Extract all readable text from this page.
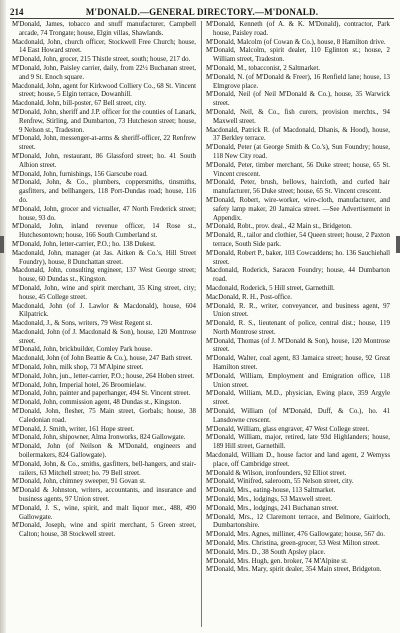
214	M'DONALD.—GENERAL DIRECTORY.—M'DONALD.
M'Donald, James, tobacco and snuff manufacturer, Campbell arcade, 74 Trongate; house, Elgin villas, Shawlands.
Macdonald, John, church officer, Stockwell Free Church; house, 14 East Howard street.
M'Donald, John, grocer, 215 Thistle street, south; house, 217 do.
M'Donald, John, Paisley carrier, daily, from 22½ Buchanan street, and 9 St. Enoch square.
Macdonald, John, agent for Kirkwood Colliery Co., 68 St. Vincent street; house, 5 Elgin terrace, Dowanhill.
Macdonald, John, bill-poster, 67 Bell street, city.
M'Donald, John, sheriff and J.P. officer for the counties of Lanark, Renfrew, Stirling, and Dumbarton, 73 Hutcheson street; house, 9 Nelson st., Tradeston.
M'Donald, John, messenger-at-arms & sheriff-officer, 22 Renfrew street.
M'Donald, John, restaurant, 86 Glassford street; ho. 41 South Albion street.
M'Donald, John, furnishings, 156 Garscube road.
M'Donald, John, & Co., plumbers, coppersmiths, tinsmiths, gasfitters, and bellhangers, 118 Port-Dundas road; house, 116 do.
M'Donald, John, grocer and victualler, 47 North Frederick street; house, 93 do.
M'Donald, John, inland revenue officer, 14 Rose st., Hutchesontown; house, 166 South Cumberland st.
M'Donald, John, letter-carrier, P.O.; ho. 138 Dukest.
Macdonald, John, manager (at Jas. Aitken & Co.'s, Hill Street Foundry), house, 8 Dunchattan street.
Macdonald, John, consulting engineer, 137 West George street; house, 60 Dundas st., Kingston.
M'Donald, John, wine and spirit merchant, 35 King street, city; house, 45 College street.
Macdonald, John (of J. Lawlor & Macdonald), house, 604 Kilpatrick.
Macdonald, J., & Sons, writers, 79 West Regent st.
Macdonald, John (of J. Macdonald & Son), house, 120 Montrose street.
M'Donald, John, brickbuilder, Comley Park house.
Macdonald, John (of John Beattie & Co.), house, 247 Bath street.
M'Donald, John, milk shop, 73 M'Alpine street.
M'Donald, John, jun., letter-carrier, P.O.; house, 264 Hoben street.
M'Donald, John, Imperial hotel, 26 Broomielaw.
M'Donald, John, painter and paperhanger, 494 St. Vincent street.
M'Donald, John, commission agent, 48 Dundas st., Kingston.
M'Donald, John, flesher, 75 Main street, Gorbals; house, 38 Caledonian road.
M'Donald, J. Smith, writer, 161 Hope street.
M'Donald, John, shipowner, Alma Ironworks, 824 Gallowgate.
M'Donald, John (of Neilson & M'Donald, engineers and boilermakers, 824 Gallowgate).
M'Donald, John, & Co., smiths, gasfitters, bell-hangers, and stair-railers, 63 Mitchell street; ho. 79 Bell street.
M'Donald, John, chimney sweeper, 91 Govan st.
M'Donald & Johnston, writers, accountants, and insurance and business agents, 97 Union street.
M'Donald, J. S., wine, spirit, and malt liquor mer., 488, 490 Gallowgate.
M'Donald, Joseph, wine and spirit merchant, 5 Green street, Calton; house, 38 Stockwell street.
M'Donald, Kenneth (of A. & K. M'Donald), contractor, Park house, Paisley road.
M'Donald, Malcolm (of Cowan & Co.), house, 8 Hamilton drive.
M'Donald, Malcolm, spirit dealer, 110 Eglinton st.; house, 2 William street, Tradeston.
M'Donald, M., tobacconist, 2 Saltmarket.
M'Donald, N. (of M'Donald & Freer), 16 Renfield lane; house, 13 Elmgrove place.
M'Donald, Neil (of Neil M'Donald & Co.), house, 35 Warwick street.
M'Donald, Neil, & Co., fish curers, provision merchts., 94 Maxwell street.
Macdonald, Patrick R. (of Macdonald, Dhanis, & Hood), house, 37 Berkley terrace.
M'Donald, Peter (at George Smith & Co.'s), Sun Foundry; house, 118 New City road.
M'Donald, Peter, timber merchant, 56 Duke street; house, 65 St. Vincent crescent.
M'Donald, Peter, brush, bellows, haircloth, and curled hair manufacturer, 56 Duke street; house, 65 St. Vincent crescent.
M'Donald, Robert, wire-worker, wire-cloth, manufacturer, and safety lamp maker, 20 Jamaica street. —See Advertisement in Appendix.
M'Donald, Robt., prov. deal., 42 Main st., Bridgeton.
M'Donald, R., tailor and clothier, 54 Queen street; house, 2 Paxton terrace, South Side park.
M'Donald, Robert P., baker, 103 Cowcaddens; ho. 136 Sauchiehall street.
Macdonald, Roderick, Saracen Foundry; house, 44 Dumbarton road.
Macdonald, Roderick, 5 Hill street, Garnethill.
MacDonald, R. H., Post-office.
M'Donald, R. R., writer, conveyancer, and business agent, 97 Union street.
M'Donald, R. S., lieutenant of police, central dist.; house, 119 North Montrose street.
M'Donald, Thomas (of J. M'Donald & Son), house, 120 Montrose street.
M'Donald, Walter, coal agent, 83 Jamaica street; house, 92 Great Hamilton street.
M'Donald, William, Employment and Emigration office, 118 Union street.
M'Donald, William, M.D., physician, Ewing place, 359 Argyle street.
M'Donald, William (of M'Donald, Duff, & Co.), ho. 41 Lansdowne crescent.
M'Donald, William, glass engraver, 47 West College street.
M'Donald, William, major, retired, late 93d Highlanders; house, 189 Hill street, Garnethill.
Macdonald, William D., house factor and land agent, 2 Wemyss place, off Cambridge street.
M'Donald & Wilson, ironfounders, 92 Elliot street.
M'Donald, Winifred, saleroom, 55 Nelson street, city.
M'Donald, Mrs., eating-house, 113 Saltmarket.
M'Donald, Mrs., lodgings, 53 Maxwell street.
M'Donald, Mrs., lodgings, 241 Buchanan street.
M'Donald, Mrs., 12 Claremont terrace, and Belmore, Gairloch, Dumbartonshire.
M'Donald, Mrs. Agnes, milliner, 476 Gallowgate; house, 567 do.
M'Donald, Mrs. Christina, green-grocer, 53 West Milton street.
M'Donald, Mrs. D., 38 South Apsley place.
M'Donald, Mrs. Hugh, gen. broker, 74 M'Alpine st.
M'Donald, Mrs. Mary, spirit dealer, 354 Main street, Bridgeton.
